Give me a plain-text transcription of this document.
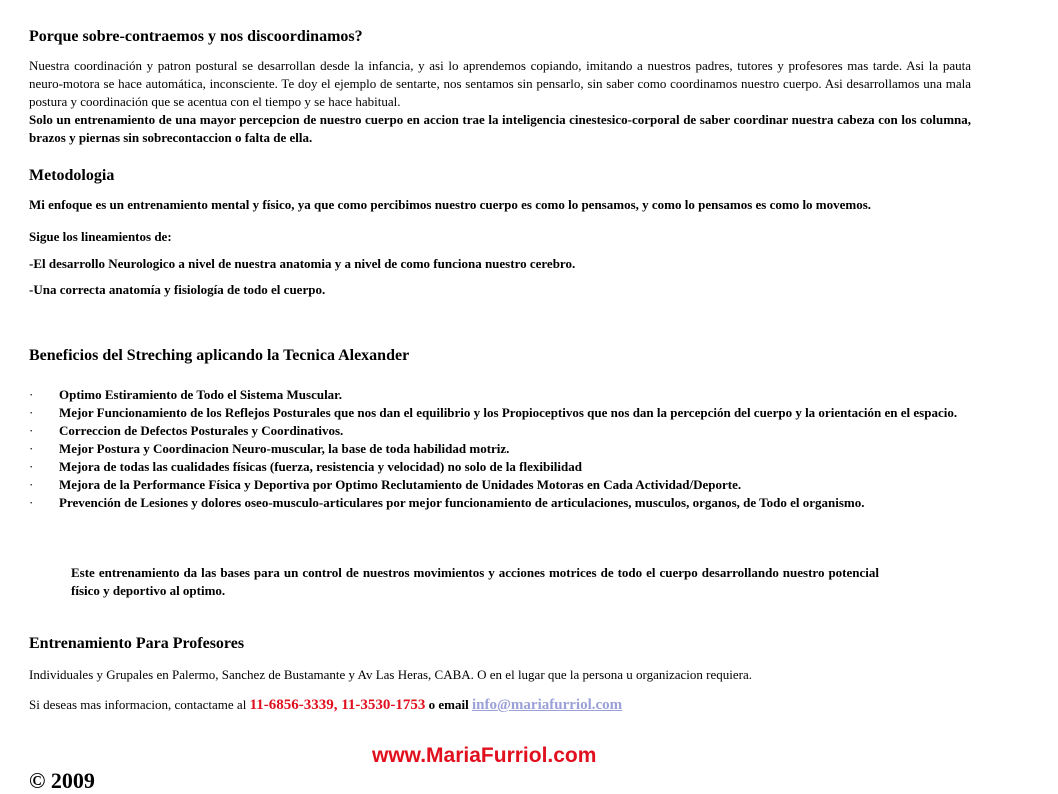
Porque sobre-contraemos y nos discoordinamos?

Nuestra coordinación y patron postural se desarrollan desde la infancia, y asi lo aprendemos copiando, imitando a nuestros padres, tutores y profesores mas tarde. Asi la pauta neuro-motora se hace automática, inconsciente. Te doy el ejemplo de sentarte, nos sentamos sin pensarlo, sin saber como coordinamos nuestro cuerpo. Asi desarrollamos una mala postura y coordinación que se acentua con el tiempo y se hace habitual.

Solo un entrenamiento de una mayor percepcion de nuestro cuerpo en accion trae la inteligencia cinestesico-corporal de saber coordinar nuestra cabeza con los columna, brazos y piernas sin sobrecontaccion o falta de ella.

Metodologia

Mi enfoque es un entrenamiento mental y físico, ya que como percibimos nuestro cuerpo es como lo pensamos, y como lo pensamos es como lo movemos.

Sigue los lineamientos de:

-El desarrollo Neurologico a nivel de nuestra anatomia y a nivel de como funciona nuestro cerebro.

-Una correcta anatomía y fisiología de todo el cuerpo.

Beneficios del Streching aplicando la Tecnica Alexander

· Optimo Estiramiento de Todo el Sistema Muscular.

· Mejor Funcionamiento de los Reflejos Posturales que nos dan el equilibrio y los Propioceptivos que nos dan la percepción del cuerpo y la orientación en el espacio.

· Correccion de Defectos Posturales y Coordinativos.

· Mejor Postura y Coordinacion Neuro-muscular, la base de toda habilidad motriz.

· Mejora de todas las cualidades físicas (fuerza, resistencia y velocidad) no solo de la flexibilidad

· Mejora de la Performance Física y Deportiva por Optimo Reclutamiento de Unidades Motoras en Cada Actividad/Deporte.

· Prevención de Lesiones y dolores oseo-musculo-articulares por mejor funcionamiento de articulaciones, musculos, organos, de Todo el organismo.

Este entrenamiento da las bases para un control de nuestros movimientos y acciones motrices de todo el cuerpo desarrollando nuestro potencial físico y deportivo al optimo.

Entrenamiento Para Profesores

Individuales y Grupales en Palermo, Sanchez de Bustamante y Av Las Heras, CABA. O en el lugar que la persona u organizacion requiera.

Si deseas mas informacion, contactame al 11-6856-3339, 11-3530-1753 o email info@mariafurriol.com

www.MariaFurriol.com
© 2009
